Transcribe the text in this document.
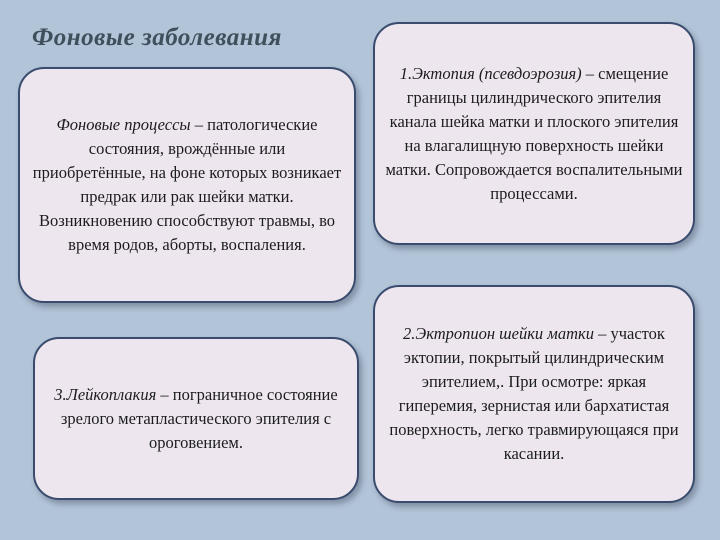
Фоновые заболевания

Фоновые процессы – патологические состояния, врождённые или приобретённые, на фоне которых возникает предрак или рак шейки матки. Возникновению способствуют травмы, во время родов, аборты, воспаления.

3.Лейкоплакия – пограничное состояние зрелого метапластического эпителия с ороговением.

1.Эктопия (псевдоэрозия) – смещение границы цилиндрического эпителия канала шейка матки и плоского эпителия на влагалищную поверхность шейки матки. Сопровождается воспалительными процессами.

2.Эктропион шейки матки – участок эктопии, покрытый цилиндрическим эпителием,. При осмотре: яркая гиперемия, зернистая или бархатистая поверхность, легко травмирующаяся при касании.
